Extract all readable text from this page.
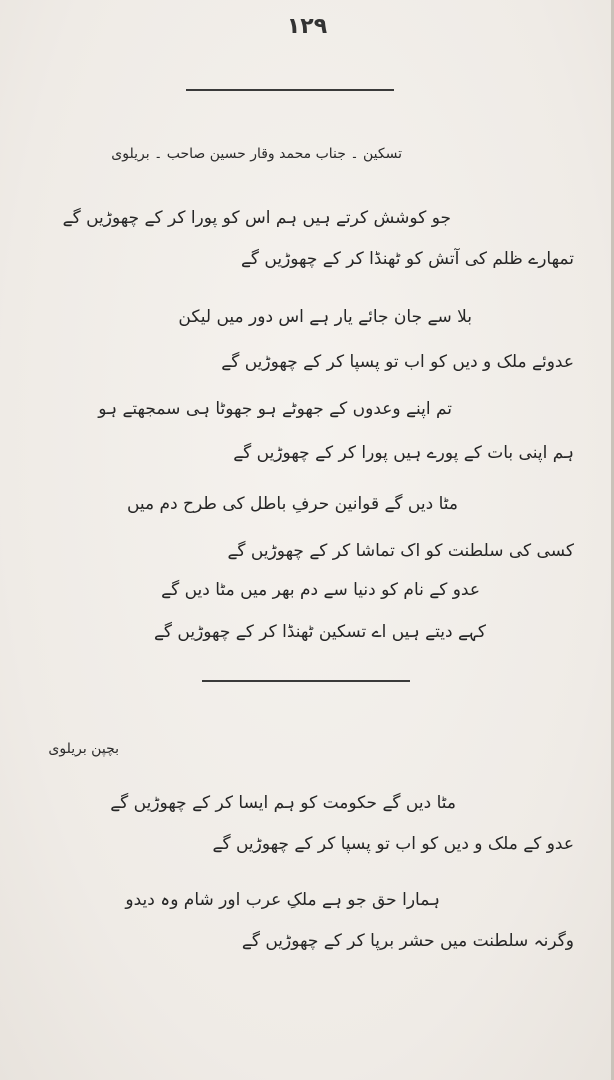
۱۲۹
تسکین ۔ جناب محمد وقار حسین صاحب ۔ بریلوی
جو کوشش کرتے ہیں ہم اس کو پورا کر کے چھوڑیں گے
تمھارے ظلم کی آتش کو ٹھنڈا کر کے چھوڑیں گے
بلا سے جان جائے یار ہے اس دور میں لیکن
عدوئے ملک و دیں کو اب تو پسپا کر کے چھوڑیں گے
تم اپنے وعدوں کے جھوٹے ہو جھوٹا ہی سمجھتے ہو
ہم اپنی بات کے پورے ہیں پورا کر کے چھوڑیں گے
مٹا دیں گے قوانین حرفِ باطل کی طرح دم میں
کسی کی سلطنت کو اک تماشا کر کے چھوڑیں گے
عدو کے نام کو دنیا سے دم بھر میں مٹا دیں گے
کہے دیتے ہیں اے تسکین ٹھنڈا کر کے چھوڑیں گے
بچپن بریلوی
مٹا دیں گے حکومت کو ہم ایسا کر کے چھوڑیں گے
عدو کے ملک و دیں کو اب تو پسپا کر کے چھوڑیں گے
ہمارا حق جو ہے ملکِ عرب اور شام وہ دیدو
وگرنہ سلطنت میں حشر برپا کر کے چھوڑیں گے
